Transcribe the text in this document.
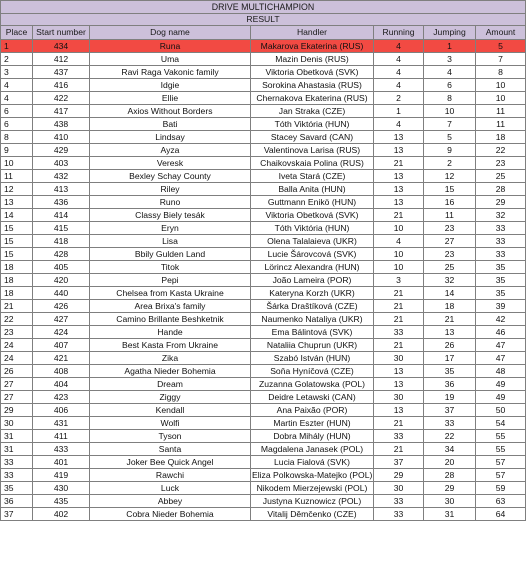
DRIVE MULTICHAMPION						
RESULT						
Place	Start number	Dog name	Handler	Running	Jumping	Amount
1	434	Runa	Makarova Ekaterina (RUS)	4	1	5
2	412	Uma	Mazin Denis (RUS)	4	3	7
3	437	Ravi Raga Vakonic family	Viktoria Obetková (SVK)	4	4	8
4	416	Idgie	Sorokina Ahastasia (RUS)	4	6	10
4	422	Ellie	Chernakova Ekaterina (RUS)	2	8	10
6	417	Axios Without Borders	Jan Straka (CZE)	1	10	11
6	438	Bati	Tóth Viktória (HUN)	4	7	11
8	410	Lindsay	Stacey Savard (CAN)	13	5	18
9	429	Ayza	Valentinova Larisa (RUS)	13	9	22
10	403	Veresk	Chaikovskaia Polina (RUS)	21	2	23
11	432	Bexley Schay County	Iveta Stará (CZE)	13	12	25
12	413	Riley	Balla Anita (HUN)	13	15	28
13	436	Runo	Guttmann Enikö (HUN)	13	16	29
14	414	Classy Biely tesák	Viktoria Obetková (SVK)	21	11	32
15	415	Eryn	Tóth Viktória (HUN)	10	23	33
15	418	Lisa	Olena Talalaieva (UKR)	4	27	33
15	428	Bbily Gulden Land	Lucie Šárovcová (SVK)	10	23	33
18	405	Titok	Lörincz Alexandra (HUN)	10	25	35
18	420	Pepi	João Lameira (POR)	3	32	35
18	440	Chelsea from Kasta Ukraine	Kateryna Korzh (UKR)	21	14	35
21	426	Area Brixa's family	Šárka Draštíková (CZE)	21	18	39
22	427	Camino Brillante Beshketnik	Naumenko Nataliya (UKR)	21	21	42
23	424	Hande	Ema Bálintová (SVK)	33	13	46
24	407	Best Kasta From Ukraine	Nataliia Chuprun (UKR)	21	26	47
24	421	Zika	Szabó István (HUN)	30	17	47
26	408	Agatha Nieder Bohemia	Soňa Hyníčová (CZE)	13	35	48
27	404	Dream	Zuzanna Golatowska (POL)	13	36	49
27	423	Ziggy	Deidre Letawski (CAN)	30	19	49
29	406	Kendall	Ana Paixão (POR)	13	37	50
30	431	Wolfi	Martin Eszter (HUN)	21	33	54
31	411	Tyson	Dobra Mihály (HUN)	33	22	55
31	433	Santa	Magdalena Janasek (POL)	21	34	55
33	401	Joker Bee Quick Angel	Lucia Fialová (SVK)	37	20	57
33	419	Rawchi	Eliza Polkowska-Matejko (POL)	29	28	57
35	430	Luck	Nikodem Mierzejewski (POL)	30	29	59
36	435	Abbey	Justyna Kuznowicz (POL)	33	30	63
37	402	Cobra Nieder Bohemia	Vitalij Děmčenko (CZE)	33	31	64
